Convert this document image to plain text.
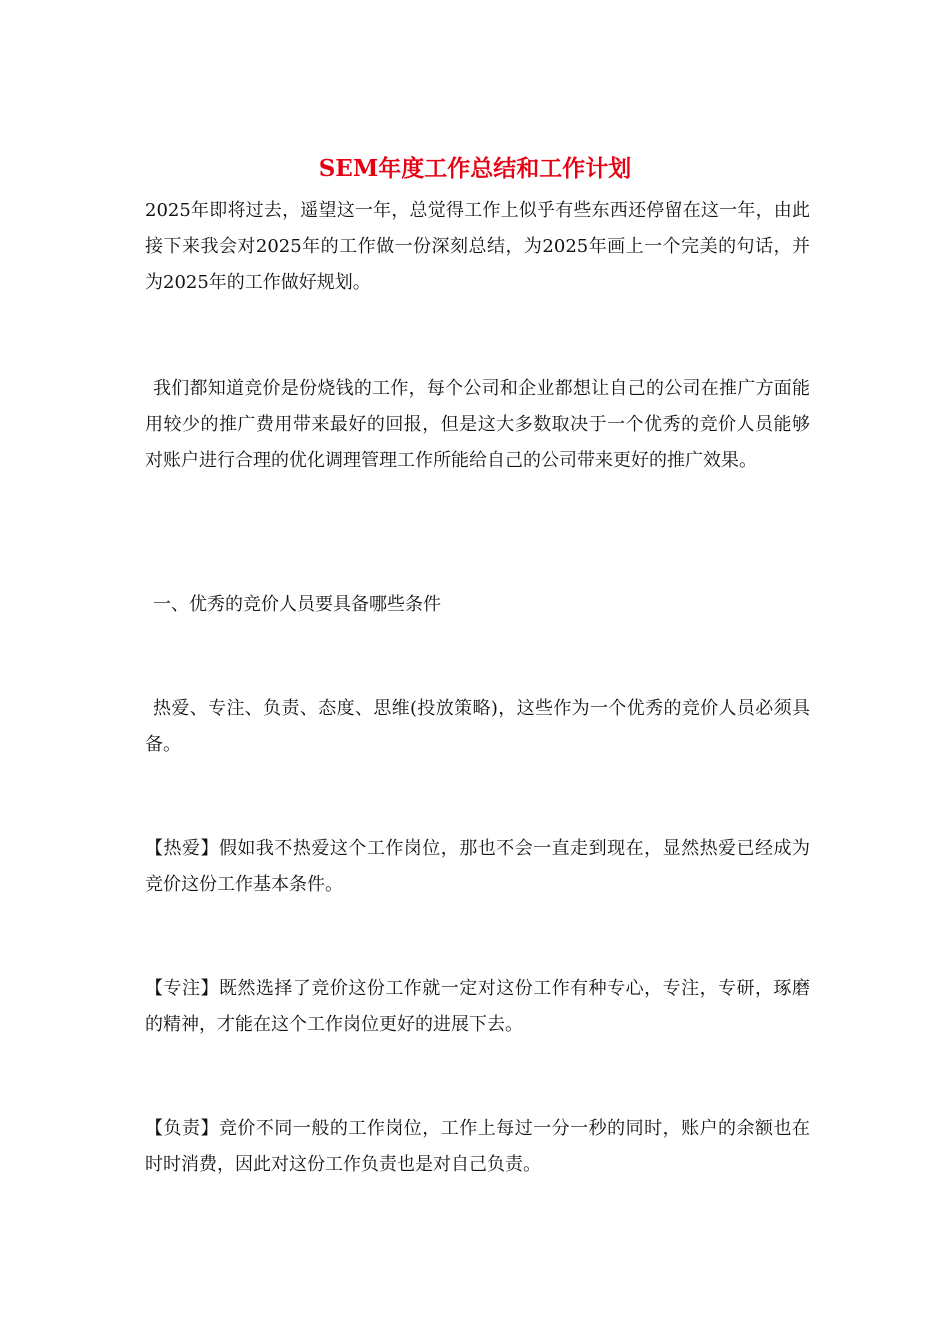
SEM年度工作总结和工作计划

2025年即将过去，遥望这一年，总觉得工作上似乎有些东西还停留在这一年，由此接下来我会对2025年的工作做一份深刻总结，为2025年画上一个完美的句话，并为2025年的工作做好规划。

我们都知道竞价是份烧钱的工作，每个公司和企业都想让自己的公司在推广方面能用较少的推广费用带来最好的回报，但是这大多数取决于一个优秀的竞价人员能够对账户进行合理的优化调理管理工作所能给自己的公司带来更好的推广效果。

一、优秀的竞价人员要具备哪些条件

热爱、专注、负责、态度、思维(投放策略)，这些作为一个优秀的竞价人员必须具备。

【热爱】假如我不热爱这个工作岗位，那也不会一直走到现在，显然热爱已经成为竞价这份工作基本条件。

【专注】既然选择了竞价这份工作就一定对这份工作有种专心，专注，专研，琢磨的精神，才能在这个工作岗位更好的进展下去。

【负责】竞价不同一般的工作岗位，工作上每过一分一秒的同时，账户的余额也在时时消费，因此对这份工作负责也是对自己负责。
